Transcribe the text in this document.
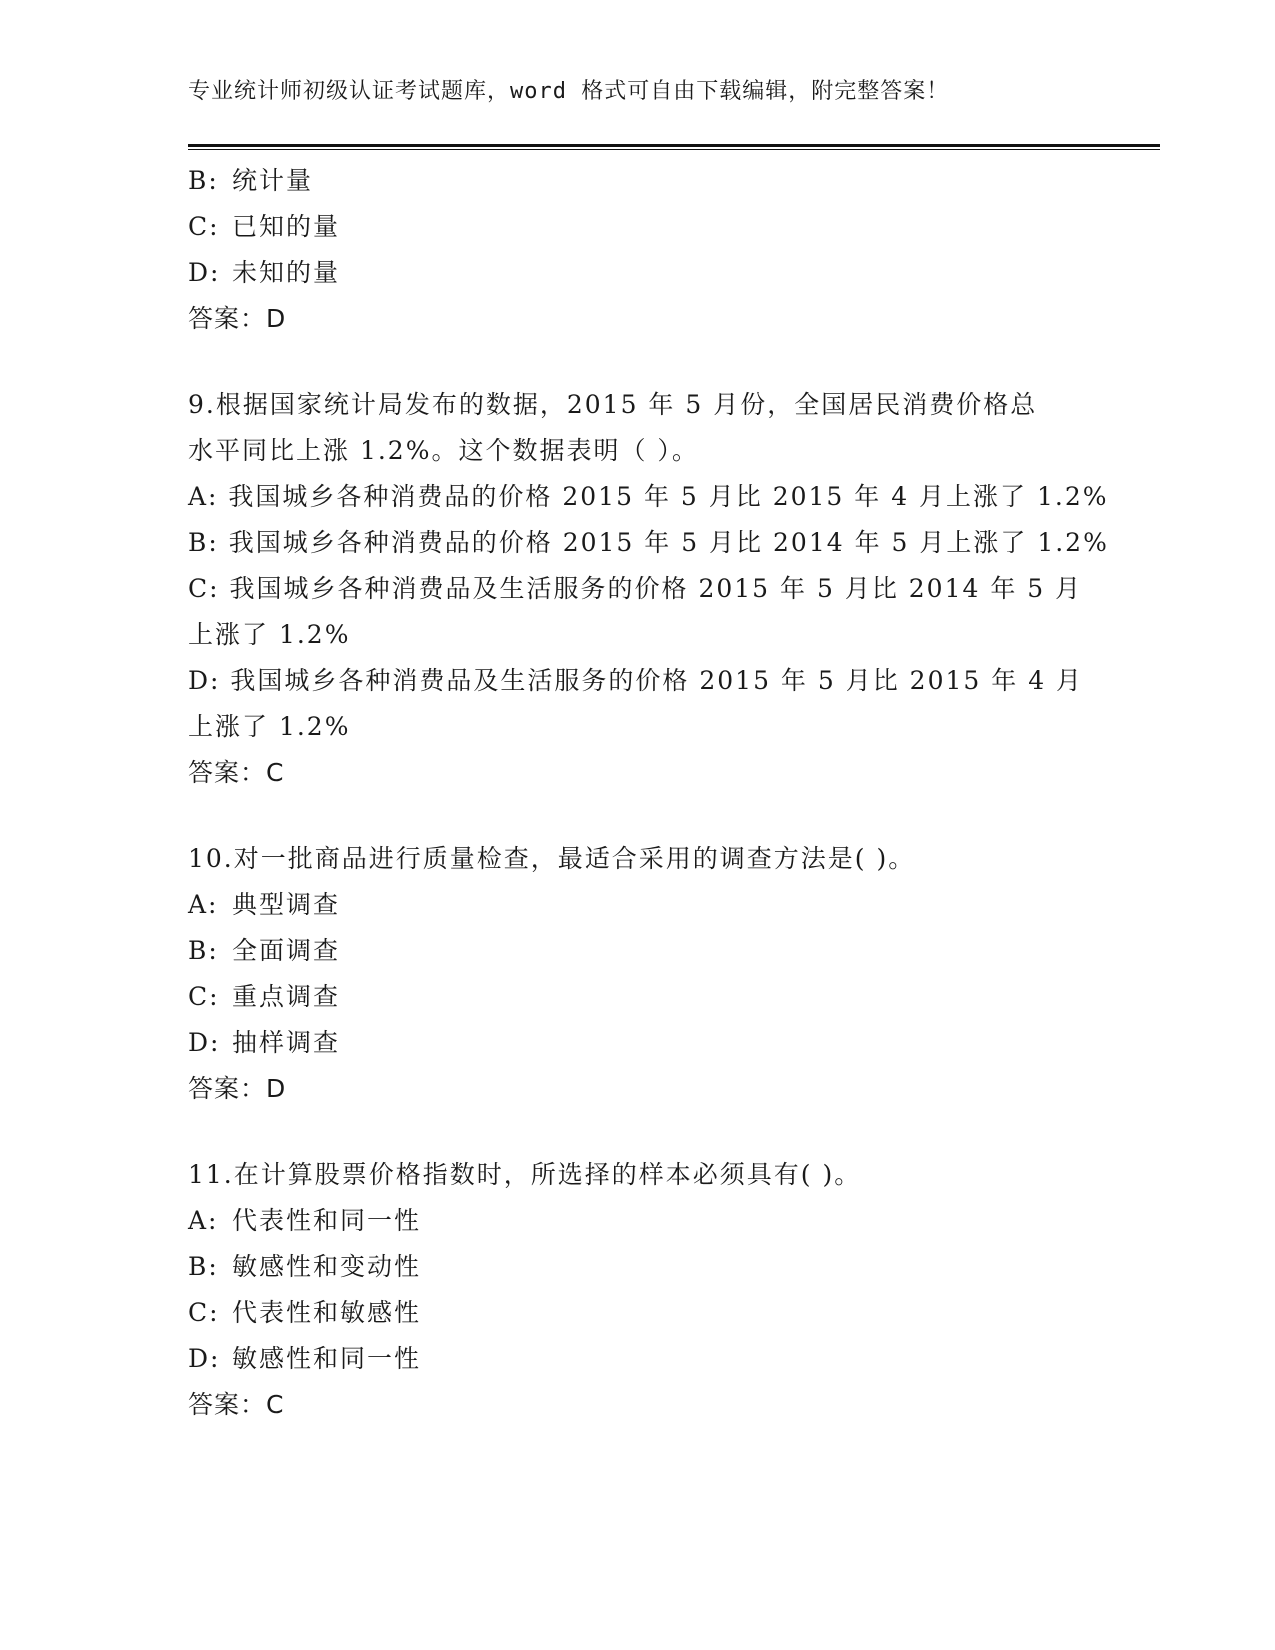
专业统计师初级认证考试题库，word 格式可自由下载编辑，附完整答案！
B: 统计量
C: 已知的量
D: 未知的量
答案：D
9.根据国家统计局发布的数据，2015 年 5 月份，全国居民消费价格总
水平同比上涨 1.2%。这个数据表明（ ）。
A: 我国城乡各种消费品的价格 2015 年 5 月比 2015 年 4 月上涨了 1.2%
B: 我国城乡各种消费品的价格 2015 年 5 月比 2014 年 5 月上涨了 1.2%
C: 我国城乡各种消费品及生活服务的价格 2015 年 5 月比 2014 年 5 月
上涨了 1.2%
D: 我国城乡各种消费品及生活服务的价格 2015 年 5 月比 2015 年 4 月
上涨了 1.2%
答案：C
10.对一批商品进行质量检查，最适合采用的调查方法是( )。
A: 典型调查
B: 全面调查
C: 重点调查
D: 抽样调查
答案：D
11.在计算股票价格指数时，所选择的样本必须具有( )。
A: 代表性和同一性
B: 敏感性和变动性
C: 代表性和敏感性
D: 敏感性和同一性
答案：C
